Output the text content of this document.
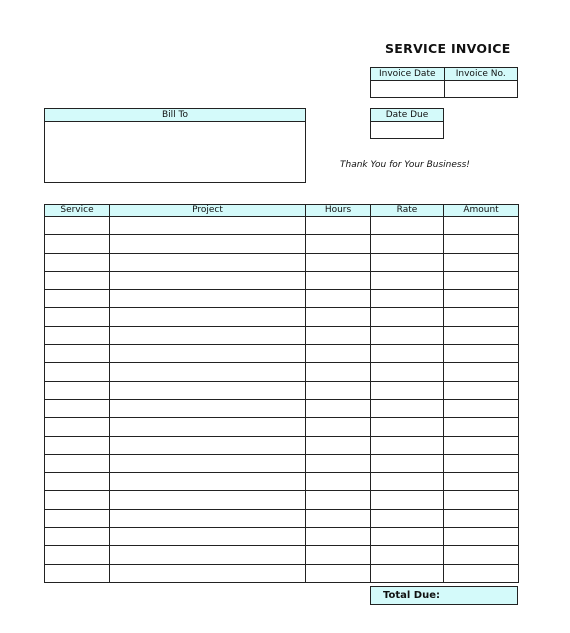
SERVICE INVOICE
Invoice Date	Invoice No.
Bill To	Date Due
Thank You for Your Business!
Service	Project	Hours	Rate	Amount

Total Due:
